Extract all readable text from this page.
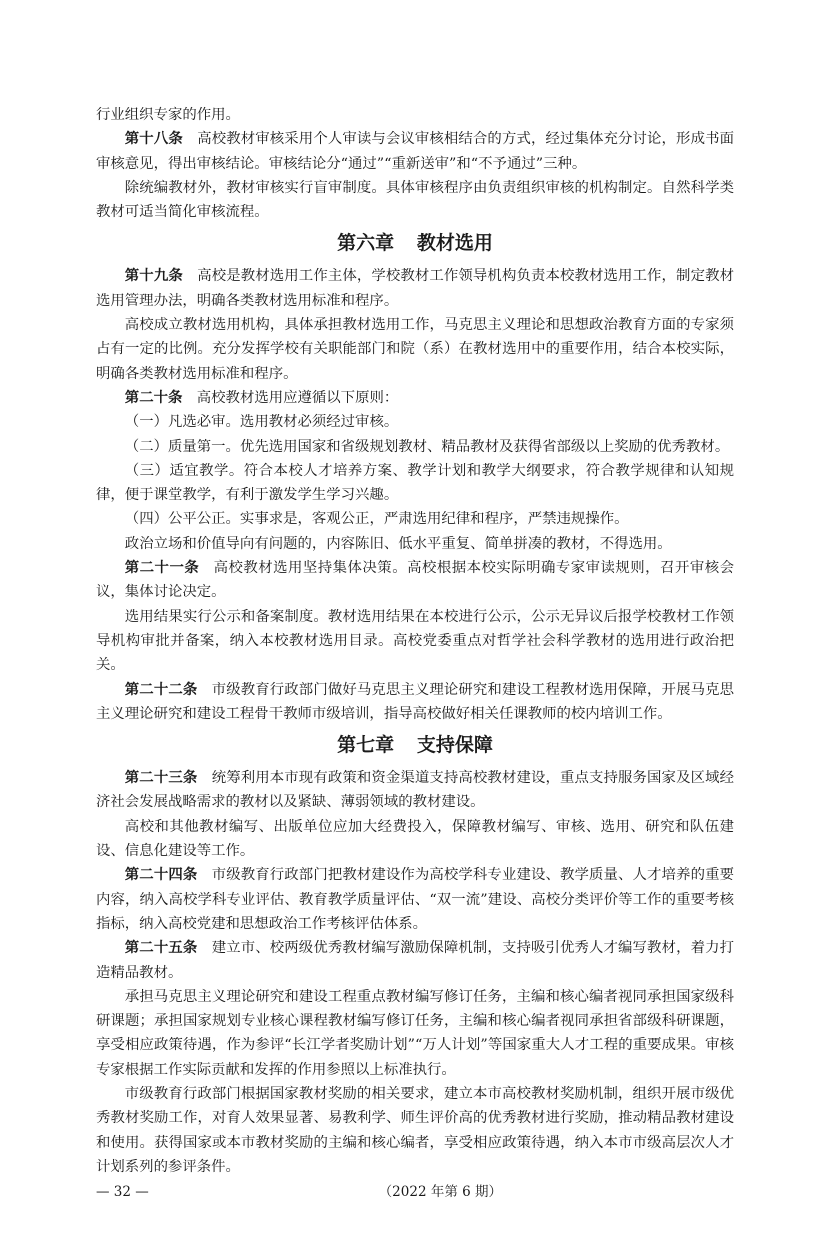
行业组织专家的作用。

第十八条 高校教材审核采用个人审读与会议审核相结合的方式，经过集体充分讨论，形成书面审核意见，得出审核结论。审核结论分“通过”“重新送审”和“不予通过”三种。

除统编教材外，教材审核实行盲审制度。具体审核程序由负责组织审核的机构制定。自然科学类教材可适当简化审核流程。

第六章 教材选用

第十九条 高校是教材选用工作主体，学校教材工作领导机构负责本校教材选用工作，制定教材选用管理办法，明确各类教材选用标准和程序。

高校成立教材选用机构，具体承担教材选用工作，马克思主义理论和思想政治教育方面的专家须占有一定的比例。充分发挥学校有关职能部门和院（系）在教材选用中的重要作用，结合本校实际，明确各类教材选用标准和程序。

第二十条 高校教材选用应遵循以下原则：

（一）凡选必审。选用教材必须经过审核。

（二）质量第一。优先选用国家和省级规划教材、精品教材及获得省部级以上奖励的优秀教材。

（三）适宜教学。符合本校人才培养方案、教学计划和教学大纲要求，符合教学规律和认知规律，便于课堂教学，有利于激发学生学习兴趣。

（四）公平公正。实事求是，客观公正，严肃选用纪律和程序，严禁违规操作。

政治立场和价值导向有问题的，内容陈旧、低水平重复、简单拼凑的教材，不得选用。

第二十一条 高校教材选用坚持集体决策。高校根据本校实际明确专家审读规则，召开审核会议，集体讨论决定。

选用结果实行公示和备案制度。教材选用结果在本校进行公示，公示无异议后报学校教材工作领导机构审批并备案，纳入本校教材选用目录。高校党委重点对哲学社会科学教材的选用进行政治把关。

第二十二条 市级教育行政部门做好马克思主义理论研究和建设工程教材选用保障，开展马克思主义理论研究和建设工程骨干教师市级培训，指导高校做好相关任课教师的校内培训工作。

第七章 支持保障

第二十三条 统筹利用本市现有政策和资金渠道支持高校教材建设，重点支持服务国家及区域经济社会发展战略需求的教材以及紧缺、薄弱领域的教材建设。

高校和其他教材编写、出版单位应加大经费投入，保障教材编写、审核、选用、研究和队伍建设、信息化建设等工作。

第二十四条 市级教育行政部门把教材建设作为高校学科专业建设、教学质量、人才培养的重要内容，纳入高校学科专业评估、教育教学质量评估、“双一流”建设、高校分类评价等工作的重要考核指标，纳入高校党建和思想政治工作考核评估体系。

第二十五条 建立市、校两级优秀教材编写激励保障机制，支持吸引优秀人才编写教材，着力打造精品教材。

承担马克思主义理论研究和建设工程重点教材编写修订任务，主编和核心编者视同承担国家级科研课题；承担国家规划专业核心课程教材编写修订任务，主编和核心编者视同承担省部级科研课题，享受相应政策待遇，作为参评“长江学者奖励计划”“万人计划”等国家重大人才工程的重要成果。审核专家根据工作实际贡献和发挥的作用参照以上标准执行。

市级教育行政部门根据国家教材奖励的相关要求，建立本市高校教材奖励机制，组织开展市级优秀教材奖励工作，对育人效果显著、易教利学、师生评价高的优秀教材进行奖励，推动精品教材建设和使用。获得国家或本市教材奖励的主编和核心编者，享受相应政策待遇，纳入本市市级高层次人才计划系列的参评条件。

— 32 —	（2022 年第 6 期）
